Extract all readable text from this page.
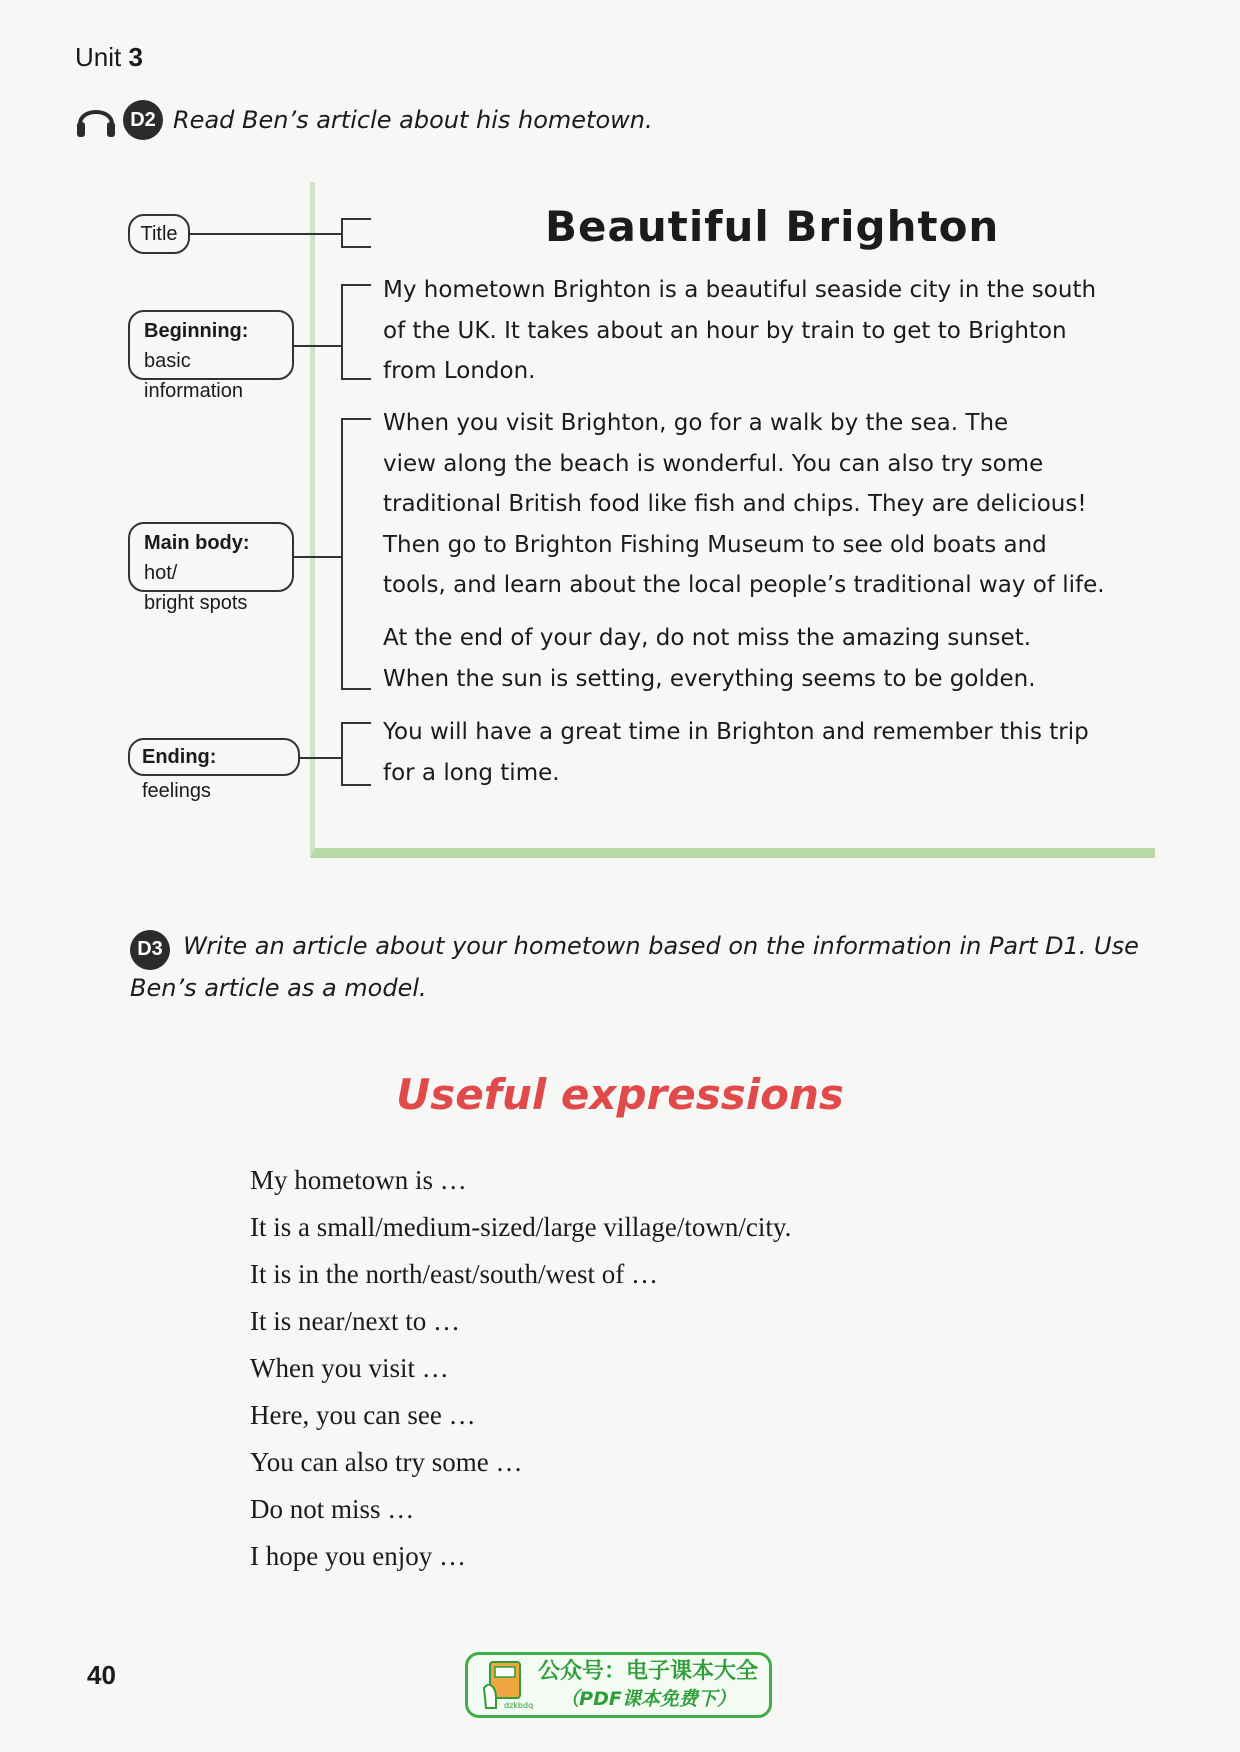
Unit 3
D2 Read Ben’s article about his hometown.
Title
Beginning: basic
information
Main body: hot/
bright spots
Ending: feelings
Beautiful Brighton
My hometown Brighton is a beautiful seaside city in the south
of the UK. It takes about an hour by train to get to Brighton
from London.
When you visit Brighton, go for a walk by the sea. The
view along the beach is wonderful. You can also try some
traditional British food like fish and chips. They are delicious!
Then go to Brighton Fishing Museum to see old boats and
tools, and learn about the local people’s traditional way of life.
At the end of your day, do not miss the amazing sunset.
When the sun is setting, everything seems to be golden.
You will have a great time in Brighton and remember this trip
for a long time.
D3 Write an article about your hometown based on the information in Part D1. Use Ben’s article as a model.
Useful expressions
My hometown is …
It is a small/medium-sized/large village/town/city.
It is in the north/east/south/west of …
It is near/next to …
When you visit …
Here, you can see …
You can also try some …
Do not miss …
I hope you enjoy …
40
dzkbdq
公众号：电子课本大全
（PDF课本免费下）
